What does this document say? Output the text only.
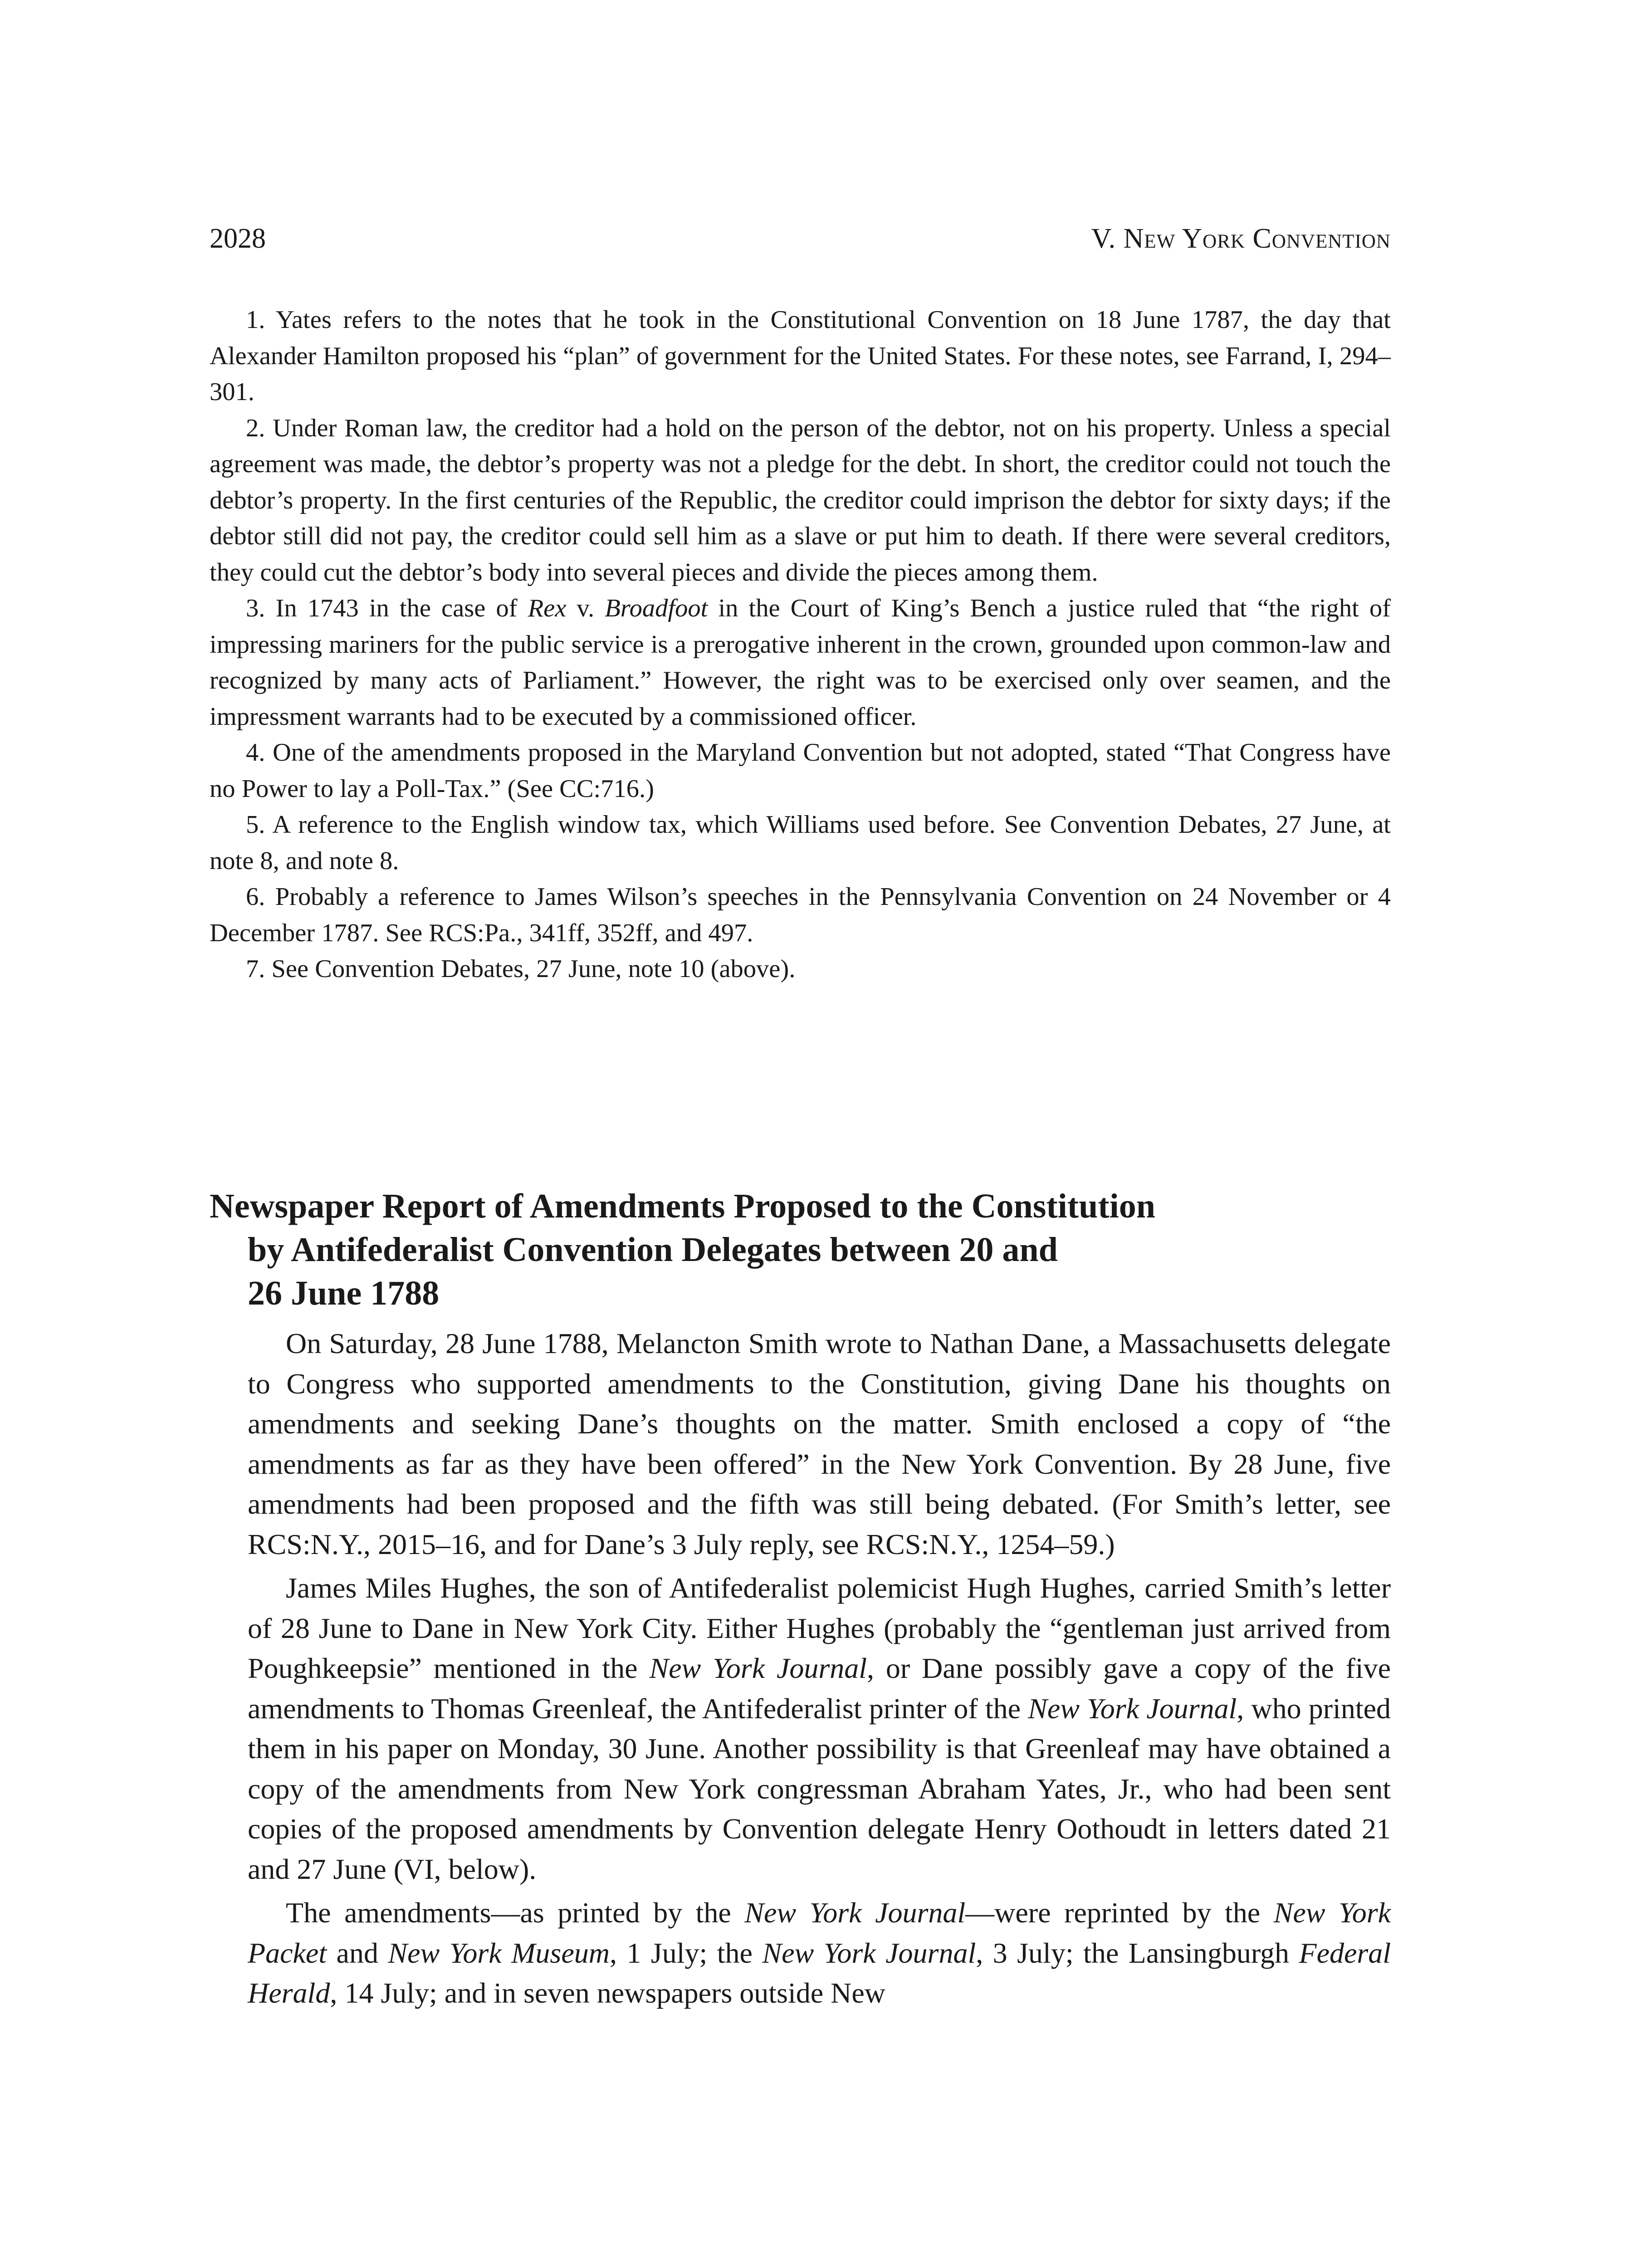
2028	V. New York Convention

1. Yates refers to the notes that he took in the Constitutional Convention on 18 June 1787, the day that Alexander Hamilton proposed his “plan” of government for the United States. For these notes, see Farrand, I, 294–301.

2. Under Roman law, the creditor had a hold on the person of the debtor, not on his property. Unless a special agreement was made, the debtor’s property was not a pledge for the debt. In short, the creditor could not touch the debtor’s property. In the first centuries of the Republic, the creditor could imprison the debtor for sixty days; if the debtor still did not pay, the creditor could sell him as a slave or put him to death. If there were several creditors, they could cut the debtor’s body into several pieces and divide the pieces among them.

3. In 1743 in the case of Rex v. Broadfoot in the Court of King’s Bench a justice ruled that “the right of impressing mariners for the public service is a prerogative inherent in the crown, grounded upon common-law and recognized by many acts of Parliament.” However, the right was to be exercised only over seamen, and the impressment warrants had to be executed by a commissioned officer.

4. One of the amendments proposed in the Maryland Convention but not adopted, stated “That Congress have no Power to lay a Poll-Tax.” (See CC:716.)

5. A reference to the English window tax, which Williams used before. See Convention Debates, 27 June, at note 8, and note 8.

6. Probably a reference to James Wilson’s speeches in the Pennsylvania Convention on 24 November or 4 December 1787. See RCS:Pa., 341ff, 352ff, and 497.

7. See Convention Debates, 27 June, note 10 (above).

Newspaper Report of Amendments Proposed to the Constitution
by Antifederalist Convention Delegates between 20 and
26 June 1788

On Saturday, 28 June 1788, Melancton Smith wrote to Nathan Dane, a Massachusetts delegate to Congress who supported amendments to the Constitution, giving Dane his thoughts on amendments and seeking Dane’s thoughts on the matter. Smith enclosed a copy of “the amendments as far as they have been offered” in the New York Convention. By 28 June, five amendments had been proposed and the fifth was still being debated. (For Smith’s letter, see RCS:N.Y., 2015–16, and for Dane’s 3 July reply, see RCS:N.Y., 1254–59.)

James Miles Hughes, the son of Antifederalist polemicist Hugh Hughes, carried Smith’s letter of 28 June to Dane in New York City. Either Hughes (probably the “gentleman just arrived from Poughkeepsie” mentioned in the New York Journal, or Dane possibly gave a copy of the five amendments to Thomas Greenleaf, the Antifederalist printer of the New York Journal, who printed them in his paper on Monday, 30 June. Another possibility is that Greenleaf may have obtained a copy of the amendments from New York congressman Abraham Yates, Jr., who had been sent copies of the proposed amendments by Convention delegate Henry Oothoudt in letters dated 21 and 27 June (VI, below).

The amendments—as printed by the New York Journal—were reprinted by the New York Packet and New York Museum, 1 July; the New York Journal, 3 July; the Lansingburgh Federal Herald, 14 July; and in seven newspapers outside New
